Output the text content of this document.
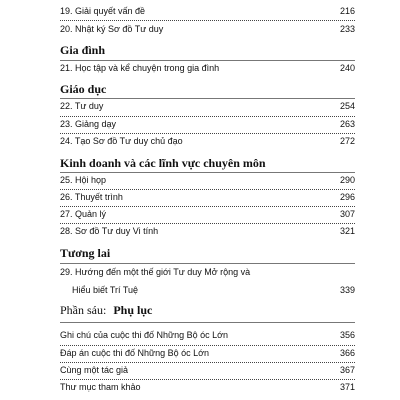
19. Giải quyết vấn đề	216
20. Nhật ký Sơ đồ Tư duy	233
Gia đình
21. Học tập và kể chuyện trong gia đình	240
Giáo dục
22. Tư duy	254
23. Giảng dạy	263
24. Tạo Sơ đồ Tư duy chủ đạo	272
Kinh doanh và các lĩnh vực chuyên môn
25. Hội họp	290
26. Thuyết trình	296
27. Quản lý	307
28. Sơ đồ Tư duy Vi tính	321
Tương lai
29. Hướng đến một thế giới Tư duy Mở rộng và
Hiểu biết Trí Tuệ	339
Phần sáu: Phụ lục
Ghi chú của cuộc thi đố Những Bộ óc Lớn	356
Đáp án cuộc thi đố Những Bộ óc Lớn	366
Cùng một tác giả	367
Thư mục tham khảo	371
